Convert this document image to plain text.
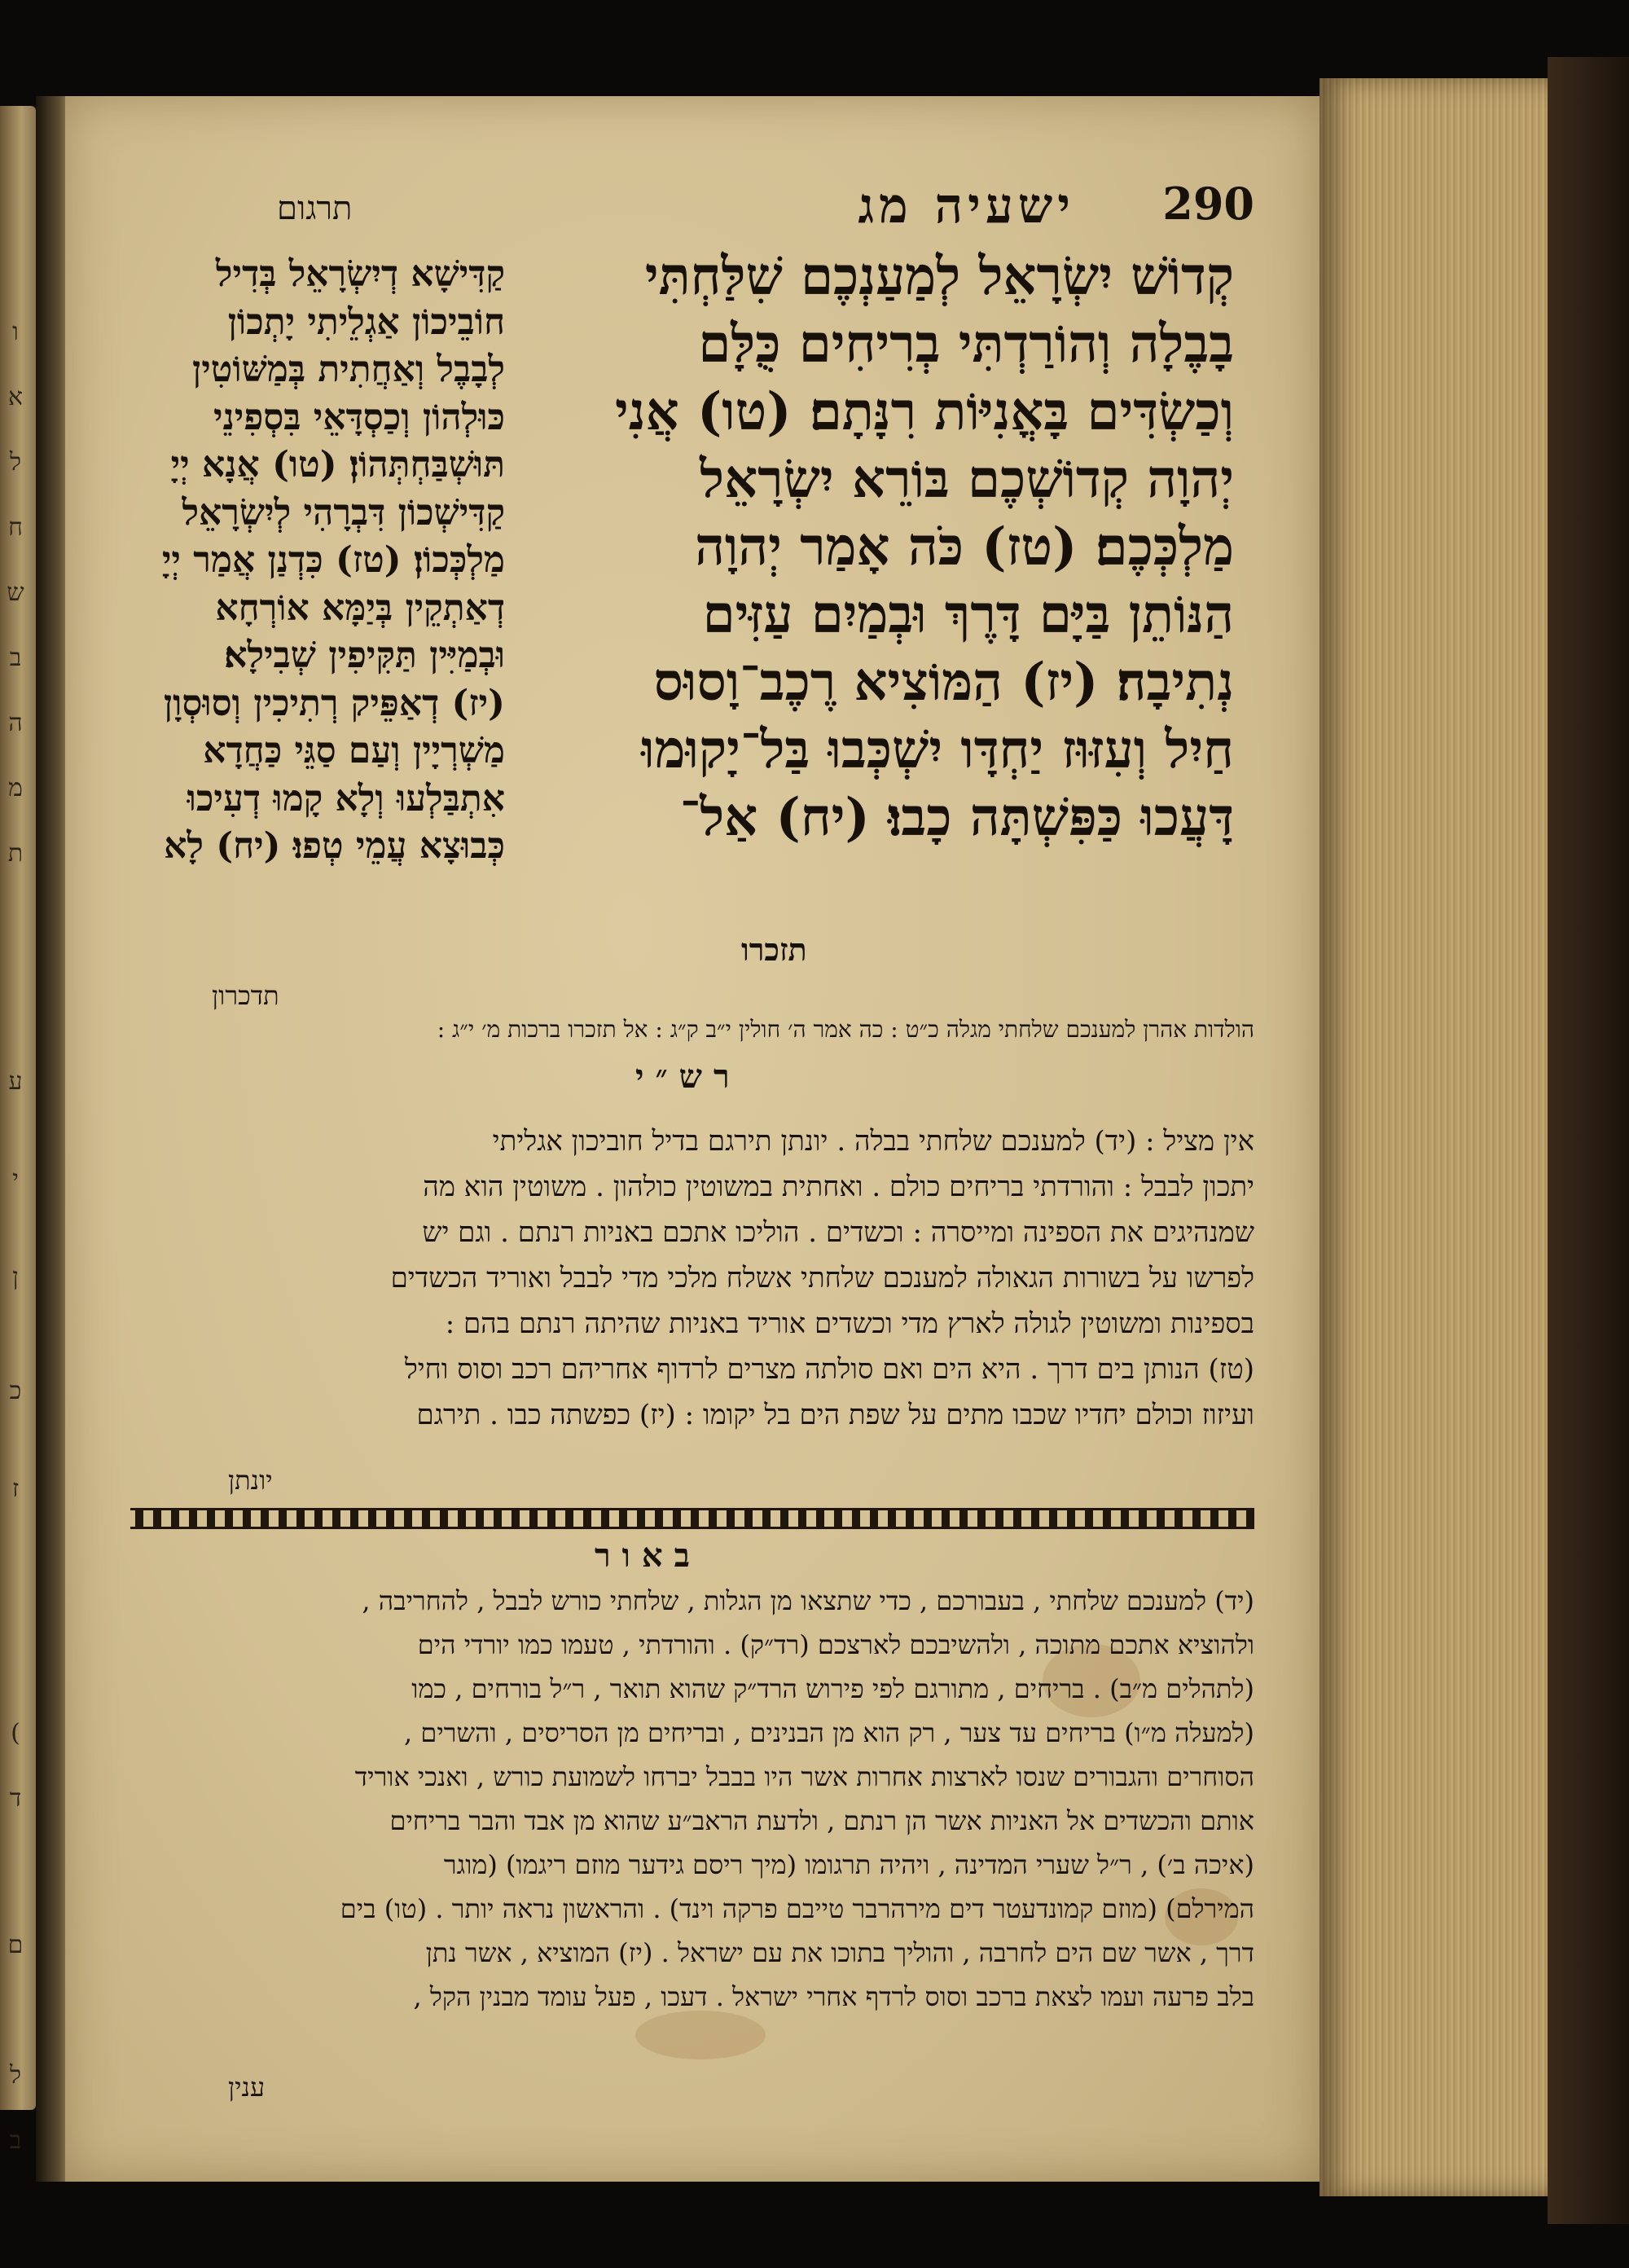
ו
א
ל
ח
ש
ב
ה
מ
ת
ע
י
ן
כ
ז
(
ד
ם
ל
ב
תרגום	ישעיה מג 290

קְדוֹשׁ יִשְׂרָאֵל לְמַעַנְכֶם שִׁלַּחְתִּי

בָבֶלָה וְהוֹרַדְתִּי בְרִיחִים כֻּלָּם

וְכַשְׂדִּים בָּאֳנִיּוֹת רִנָּתָם׃ (טו) אֲנִי

יְהוָה קְדוֹשְׁכֶם בּוֹרֵא יִשְׂרָאֵל

מַלְכְּכֶם׃ (טז) כֹּה אָמַר יְהוָה

הַנּוֹתֵן בַּיָּם דָּרֶךְ וּבְמַיִם עַזִּים

נְתִיבָה׃ (יז) הַמּוֹצִיא רֶכֶב־וָסוּס

חַיִל וְעִזּוּז יַחְדָּו יִשְׁכְּבוּ בַּל־יָקוּמוּ

דָּעֲכוּ כַּפִּשְׁתָּה כָבוּ׃ (יח) אַל־

תזכרו

קַדִּישָׁא דְיִשְׂרָאֵל בְּדִיל

חוֹבֵיכוֹן אַגְלֵיתִי יָתְכוֹן

לְבָבֶל וְאַחֲתִית בְּמַשּׁוֹטִין

כּוּלְהוֹן וְכַסְדָּאֵי בִּסְפִינֵי

תּוּשְׁבַּחְתְּהוֹן׃ (טו) אֲנָא יְיָ

קַדִּישְׁכוֹן דִּבְרָהִי לְיִשְׂרָאֵל

מַלְכְּכוֹן׃ (טז) כִּדְנַן אֲמַר יְיָ

דְאַתְקֵין בְּיַמָּא אוֹרְחָא

וּבְמַיִּין תַּקִּיפִין שְׁבִילָא׃

(יז) דְאַפֵּיק רְתִיכִין וְסוּסְוָן

מַשְׁרְיָין וְעַם סַגֵּי כַּחֲדָא

אִתְבַּלְעוּ וְלָא קָמוּ דְעִיכוּ

כְּבוּצָא עֲמֵי טְפוּ׃ (יח) לָא

תדכרון
הולדות אהרן למענכם שלחתי מגלה כ״ט : כה אמר ה׳ חולין י״ב ק״ג : אל תזכרו ברכות מ׳ י״ג :
רש״י

אין מציל : (יד) למענכם שלחתי בבלה . יונתן תירגם בדיל חוביכון אגליתי

יתכון לבבל : והורדתי בריחים כולם . ואחתית במשוטין כולהון . משוטין הוא מה

שמנהיגים את הספינה ומייסרה : וכשדים . הוליכו אתכם באניות רנתם . וגם יש

לפרשו על בשורות הגאולה למענכם שלחתי אשלח מלכי מדי לבבל ואוריד הכשדים

בספינות ומשוטין לגולה לארץ מדי וכשדים אוריד באניות שהיתה רנתם בהם :

(טז) הנותן בים דרך . היא הים ואם סולתה מצרים לרדוף אחריהם רכב וסוס וחיל

ועיזוז וכולם יחדיו שכבו מתים על שפת הים בל יקומו : (יז) כפשתה כבו . תירגם

יונתן
באור

(יד) למענכם שלחתי , בעבורכם , כדי שתצאו מן הגלות , שלחתי כורש לבבל , להחריבה ,

ולהוציא אתכם מתוכה , ולהשיבכם לארצכם (רד״ק) . והורדתי , טעמו כמו יורדי הים

(לתהלים מ״ב) . בריחים , מתורגם לפי פירוש הרד״ק שהוא תואר , ר״ל בורחים , כמו

(למעלה מ״ו) בריחים עד צער , רק הוא מן הבנינים , ובריחים מן הסריסים , והשרים ,

הסוחרים והגבורים שנסו לארצות אחרות אשר היו בבבל יברחו לשמועת כורש , ואנכי אוריד

אותם והכשדים אל האניות אשר הן רנתם , ולדעת הראב״ע שהוא מן אבד והבר בריחים

(איכה ב׳) , ר״ל שערי המדינה , ויהיה תרגומו (מיך ריסם גידער מוזם ריגמו) (מוגר

המירלם) (מוזם קמונדעטר דים מירהרבר טייבם פרקה וינד) . והראשון נראה יותר . (טו) בים

דרך , אשר שם הים לחרבה , והוליך בתוכו את עם ישראל . (יז) המוציא , אשר נתן

בלב פרעה ועמו לצאת ברכב וסוס לרדף אחרי ישראל . דעכו , פעל עומד מבנין הקל ,

ענין
